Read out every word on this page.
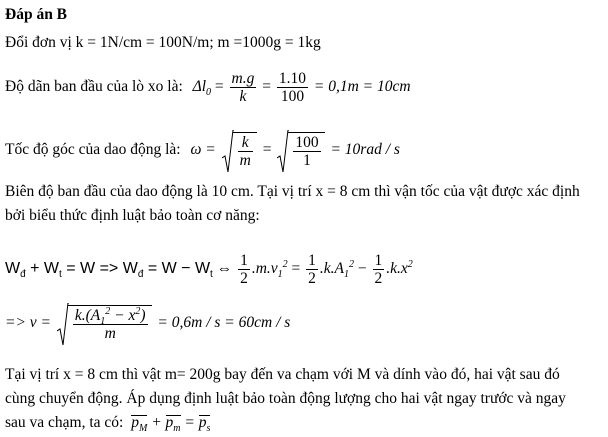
Đáp án B
Đổi đơn vị k = 1N/cm = 100N/m; m =1000g = 1kg
Độ dãn ban đầu của lò xo là: $\Delta l_0 = \frac{m.g}{k} = \frac{1.10}{100} = 0,1m = 10cm$
Tốc độ góc của dao động là: $\omega = \frac{k}{m} = \frac{100}{1} = 10rad / s$
Biên độ ban đầu của dao động là 10 cm. Tại vị trí x = 8 cm thì vận tốc của vật được xác định
bởi biểu thức định luật bảo toàn cơ năng:
$W_đ + W_t = W => W_đ = W - W_t$ ⇔ $\frac{1}{2} .m.v_1^2 = \frac{1}{2} .k.A_1^2 - \frac{1}{2} .k.x^2$
=> $v = \frac{k.(A_1^2 - x^2)}{m} = 0,6m / s = 60cm / s$
Tại vị trí x = 8 cm thì vật m= 200g bay đến va chạm với M và dính vào đó, hai vật sau đó
cùng chuyển động. Áp dụng định luật bảo toàn động lượng cho hai vật ngay trước và ngay
sau va chạm, ta có: $p_M + p_m = p_s$
